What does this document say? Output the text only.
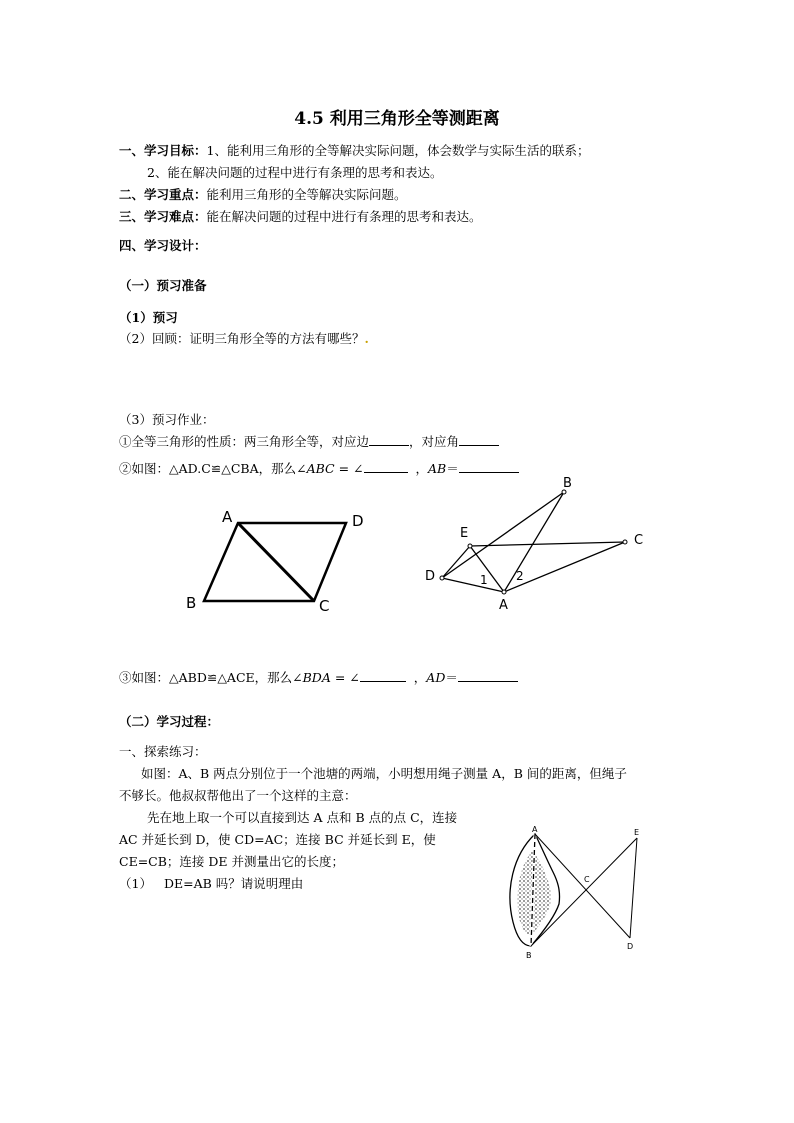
4.5 利用三角形全等测距离
一、学习目标：1、能利用三角形的全等解决实际问题，体会数学与实际生活的联系；
2、能在解决问题的过程中进行有条理的思考和表达。
二、学习重点：能利用三角形的全等解决实际问题。
三、学习难点：能在解决问题的过程中进行有条理的思考和表达。
四、学习设计：
（一）预习准备
（1）预习
（2）回顾：证明三角形全等的方法有哪些？.
（3）预习作业：
①全等三角形的性质：两三角形全等，对应边	，对应角
②如图：△AD.C≌△CBA，那么∠ABC = ∠	，AB＝
A	D
B	C
E
D
B
C
A
1 2
③如图：△ABD≌△ACE，那么∠BDA = ∠	，AD＝
（二）学习过程：
一、探索练习：
如图：A、B 两点分别位于一个池塘的两端，小明想用绳子测量 A，B 间的距离，但绳子
不够长。他叔叔帮他出了一个这样的主意：
先在地上取一个可以直接到达 A 点和 B 点的点 C，连接
AC 并延长到 D，使 CD=AC；连接 BC 并延长到 E，使
CE=CB；连接 DE 并测量出它的长度；
（1） DE=AB 吗？请说明理由
A
B
C
E
D
